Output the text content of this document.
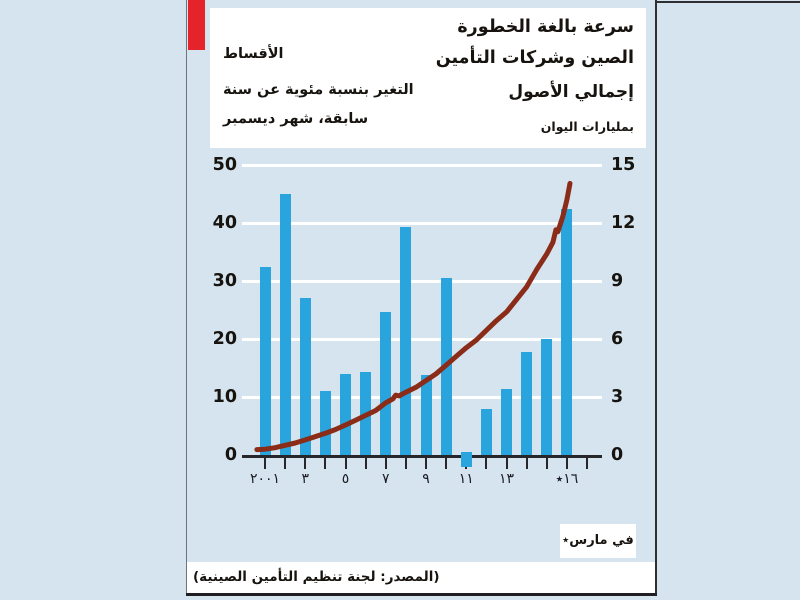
سرعة بالغة الخطورة
الصين وشركات التأمين
إجمالي الأصول
بمليارات اليوان
الأقساط
التغير بنسبة مئوية عن سنة
سابقة، شهر ديسمبر
في مارس٭
(المصدر: لجنة تنظيم التأمين الصينية)
0
10
20
30
40
50
0
3
6
9
12
15
٢٠٠١	٣	٥	٧	٩	١١	١٣	١٦٭
